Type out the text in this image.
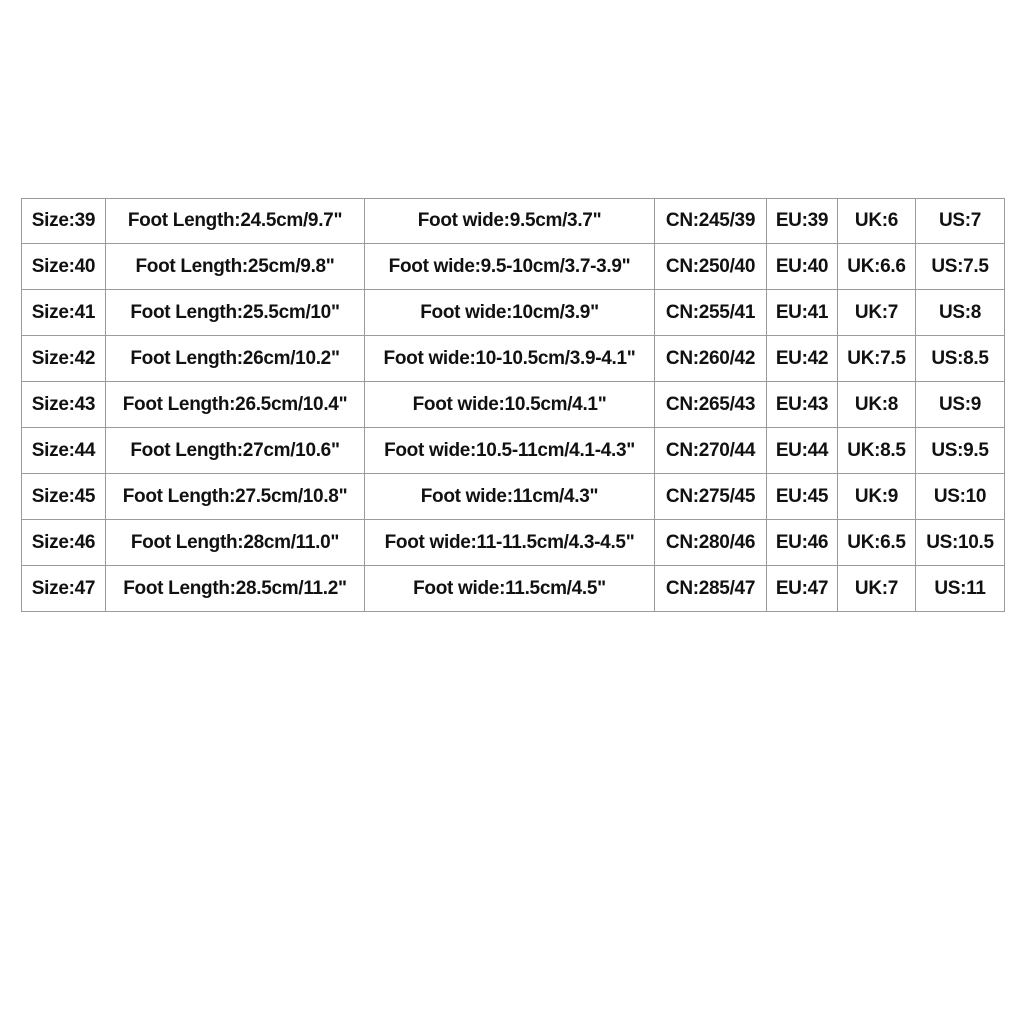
Size:39	Foot Length:24.5cm/9.7"	Foot wide:9.5cm/3.7"	CN:245/39	EU:39	UK:6	US:7
Size:40	Foot Length:25cm/9.8"	Foot wide:9.5-10cm/3.7-3.9"	CN:250/40	EU:40	UK:6.6	US:7.5
Size:41	Foot Length:25.5cm/10"	Foot wide:10cm/3.9"	CN:255/41	EU:41	UK:7	US:8
Size:42	Foot Length:26cm/10.2"	Foot wide:10-10.5cm/3.9-4.1"	CN:260/42	EU:42	UK:7.5	US:8.5
Size:43	Foot Length:26.5cm/10.4"	Foot wide:10.5cm/4.1"	CN:265/43	EU:43	UK:8	US:9
Size:44	Foot Length:27cm/10.6"	Foot wide:10.5-11cm/4.1-4.3"	CN:270/44	EU:44	UK:8.5	US:9.5
Size:45	Foot Length:27.5cm/10.8"	Foot wide:11cm/4.3"	CN:275/45	EU:45	UK:9	US:10
Size:46	Foot Length:28cm/11.0"	Foot wide:11-11.5cm/4.3-4.5"	CN:280/46	EU:46	UK:6.5	US:10.5
Size:47	Foot Length:28.5cm/11.2"	Foot wide:11.5cm/4.5"	CN:285/47	EU:47	UK:7	US:11
